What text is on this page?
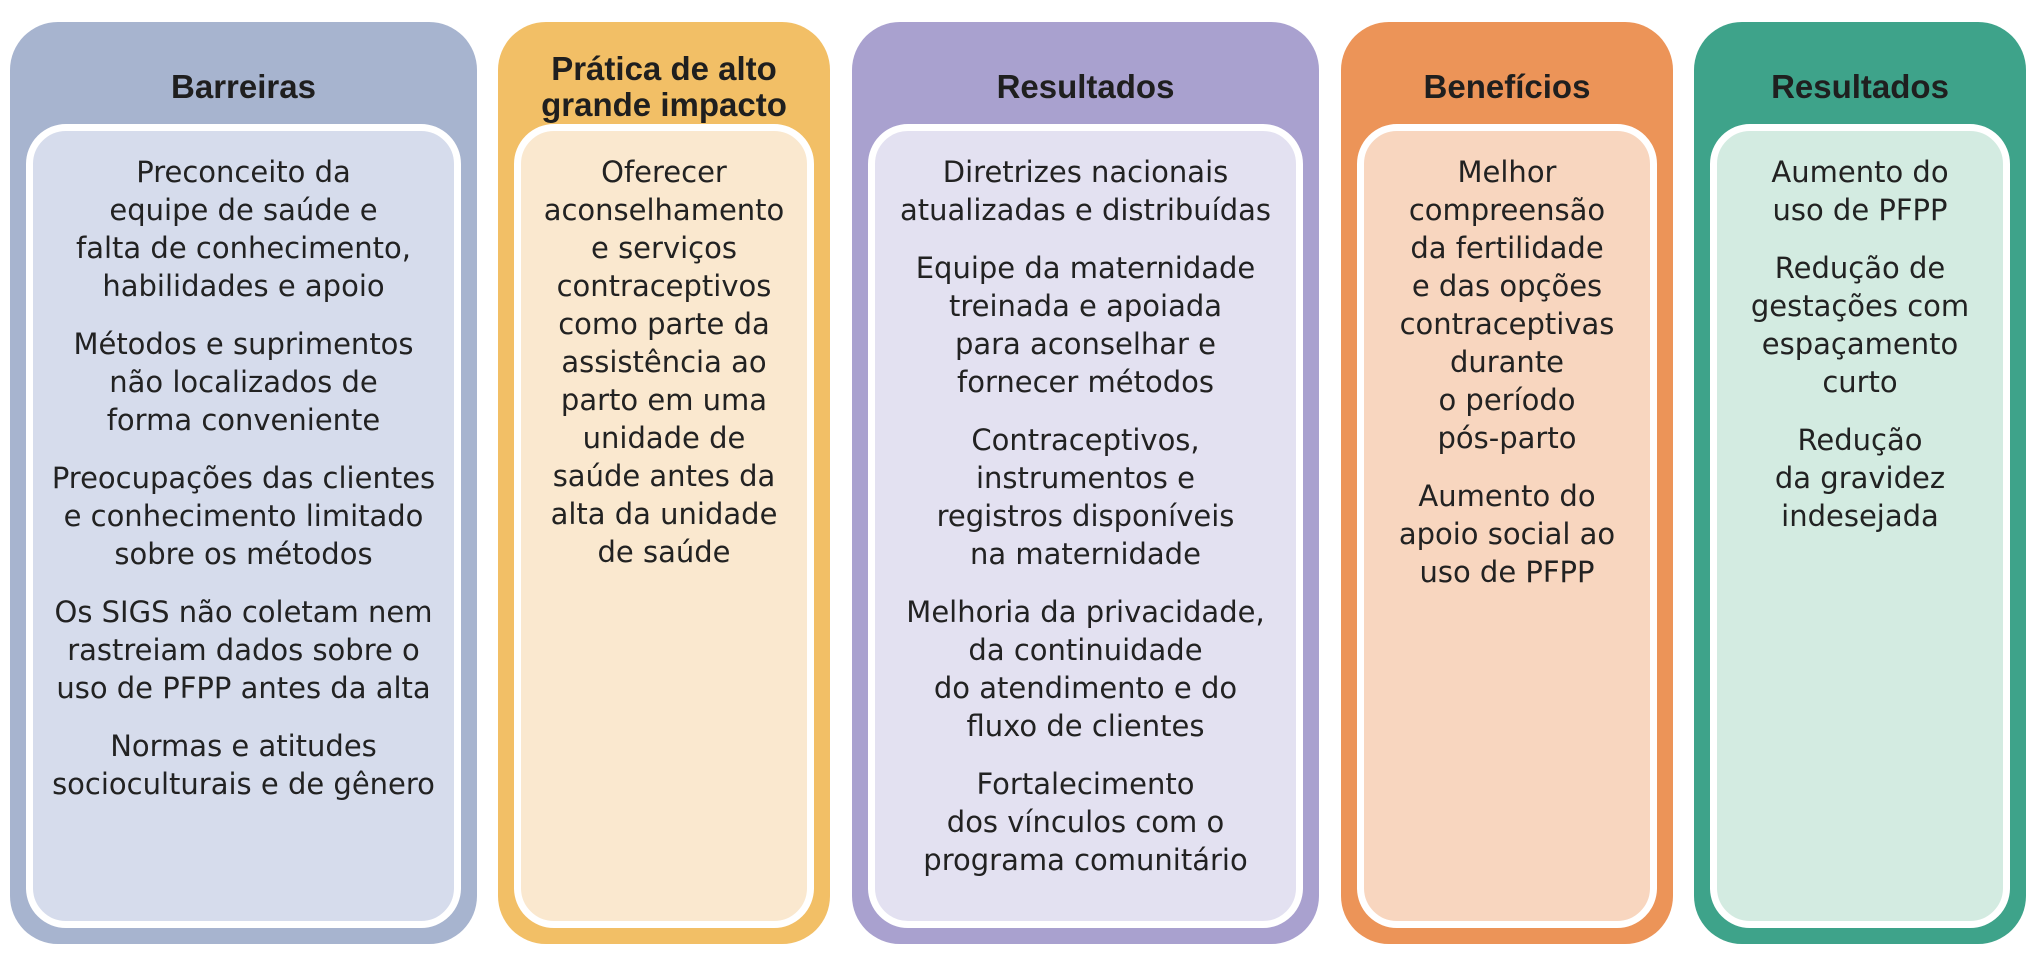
Barreiras
Preconceito da
equipe de saúde e
falta de conhecimento,
habilidades e apoio
Métodos e suprimentos
não localizados de
forma conveniente
Preocupações das clientes
e conhecimento limitado
sobre os métodos
Os SIGS não coletam nem
rastreiam dados sobre o
uso de PFPP antes da alta
Normas e atitudes
socioculturais e de gênero
Prática de alto
grande impacto
Oferecer
aconselhamento
e serviços
contraceptivos
como parte da
assistência ao
parto em uma
unidade de
saúde antes da
alta da unidade
de saúde
Resultados
Diretrizes nacionais
atualizadas e distribuídas
Equipe da maternidade
treinada e apoiada
para aconselhar e
fornecer métodos
Contraceptivos,
instrumentos e
registros disponíveis
na maternidade
Melhoria da privacidade,
da continuidade
do atendimento e do
fluxo de clientes
Fortalecimento
dos vínculos com o
programa comunitário
Benefícios
Melhor
compreensão
da fertilidade
e das opções
contraceptivas
durante
o período
pós-parto
Aumento do
apoio social ao
uso de PFPP
Resultados
Aumento do
uso de PFPP
Redução de
gestações com
espaçamento
curto
Redução
da gravidez
indesejada
